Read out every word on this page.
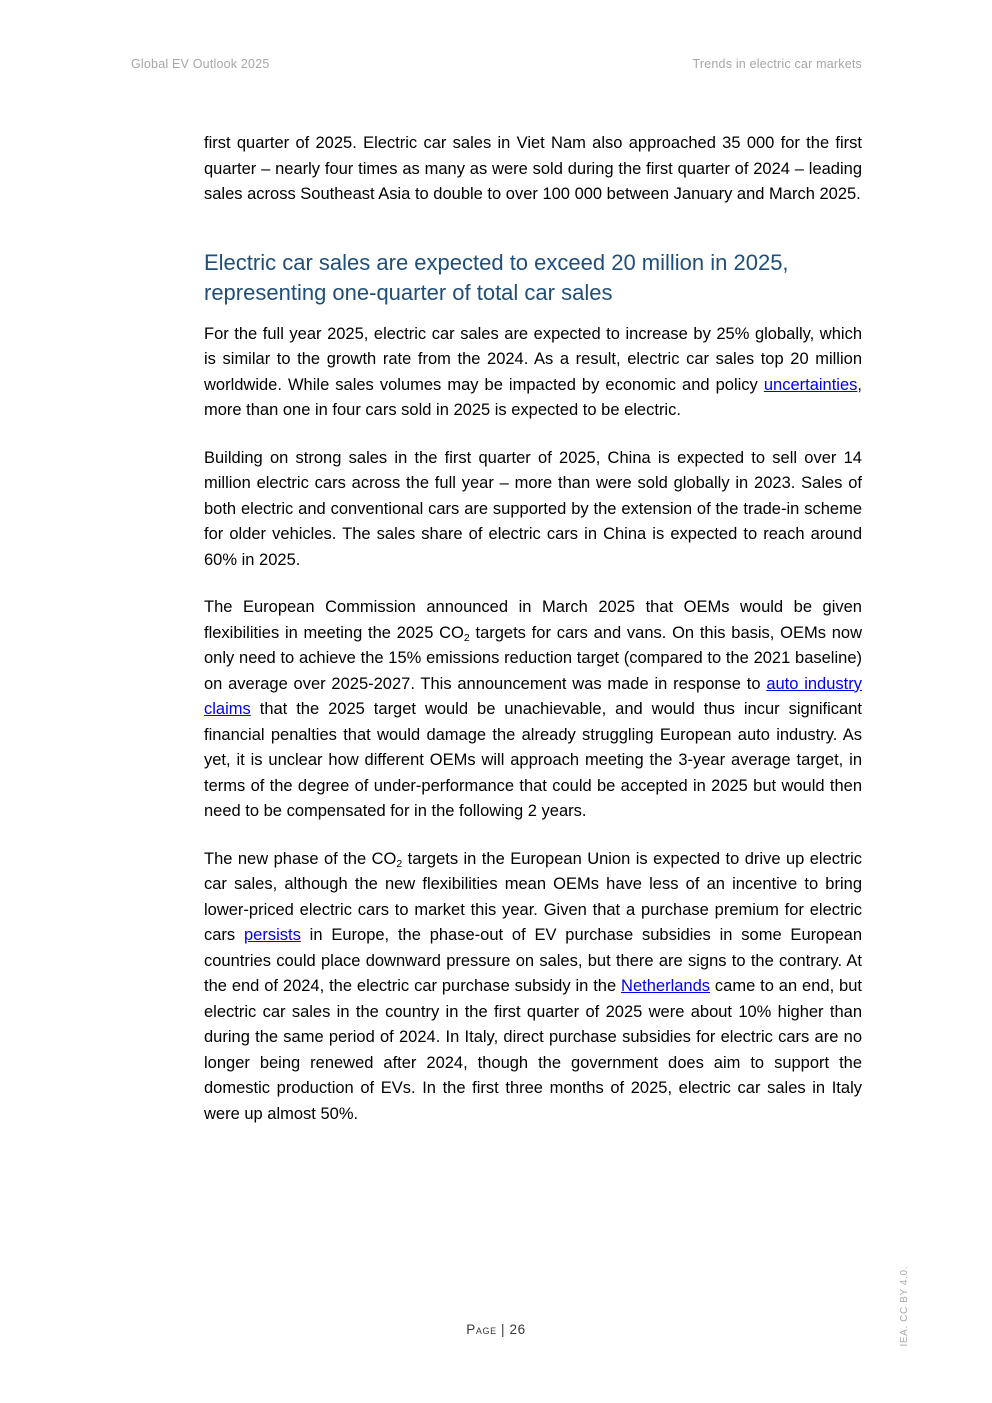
Global EV Outlook 2025	Trends in electric car markets

first quarter of 2025. Electric car sales in Viet Nam also approached 35 000 for the first quarter – nearly four times as many as were sold during the first quarter of 2024 – leading sales across Southeast Asia to double to over 100 000 between January and March 2025.

Electric car sales are expected to exceed 20 million in 2025, representing one-quarter of total car sales

For the full year 2025, electric car sales are expected to increase by 25% globally, which is similar to the growth rate from the 2024. As a result, electric car sales top 20 million worldwide. While sales volumes may be impacted by economic and policy uncertainties, more than one in four cars sold in 2025 is expected to be electric.

Building on strong sales in the first quarter of 2025, China is expected to sell over 14 million electric cars across the full year – more than were sold globally in 2023. Sales of both electric and conventional cars are supported by the extension of the trade-in scheme for older vehicles. The sales share of electric cars in China is expected to reach around 60% in 2025.

The European Commission announced in March 2025 that OEMs would be given flexibilities in meeting the 2025 $CO_2$ targets for cars and vans. On this basis, OEMs now only need to achieve the 15% emissions reduction target (compared to the 2021 baseline) on average over 2025-2027. This announcement was made in response to auto industry claims that the 2025 target would be unachievable, and would thus incur significant financial penalties that would damage the already struggling European auto industry. As yet, it is unclear how different OEMs will approach meeting the 3-year average target, in terms of the degree of under-performance that could be accepted in 2025 but would then need to be compensated for in the following 2 years.

The new phase of the $CO_2$ targets in the European Union is expected to drive up electric car sales, although the new flexibilities mean OEMs have less of an incentive to bring lower-priced electric cars to market this year. Given that a purchase premium for electric cars persists in Europe, the phase-out of EV purchase subsidies in some European countries could place downward pressure on sales, but there are signs to the contrary. At the end of 2024, the electric car purchase subsidy in the Netherlands came to an end, but electric car sales in the country in the first quarter of 2025 were about 10% higher than during the same period of 2024. In Italy, direct purchase subsidies for electric cars are no longer being renewed after 2024, though the government does aim to support the domestic production of EVs. In the first three months of 2025, electric car sales in Italy were up almost 50%.

Page | 26	IEA. CC BY 4.0.
